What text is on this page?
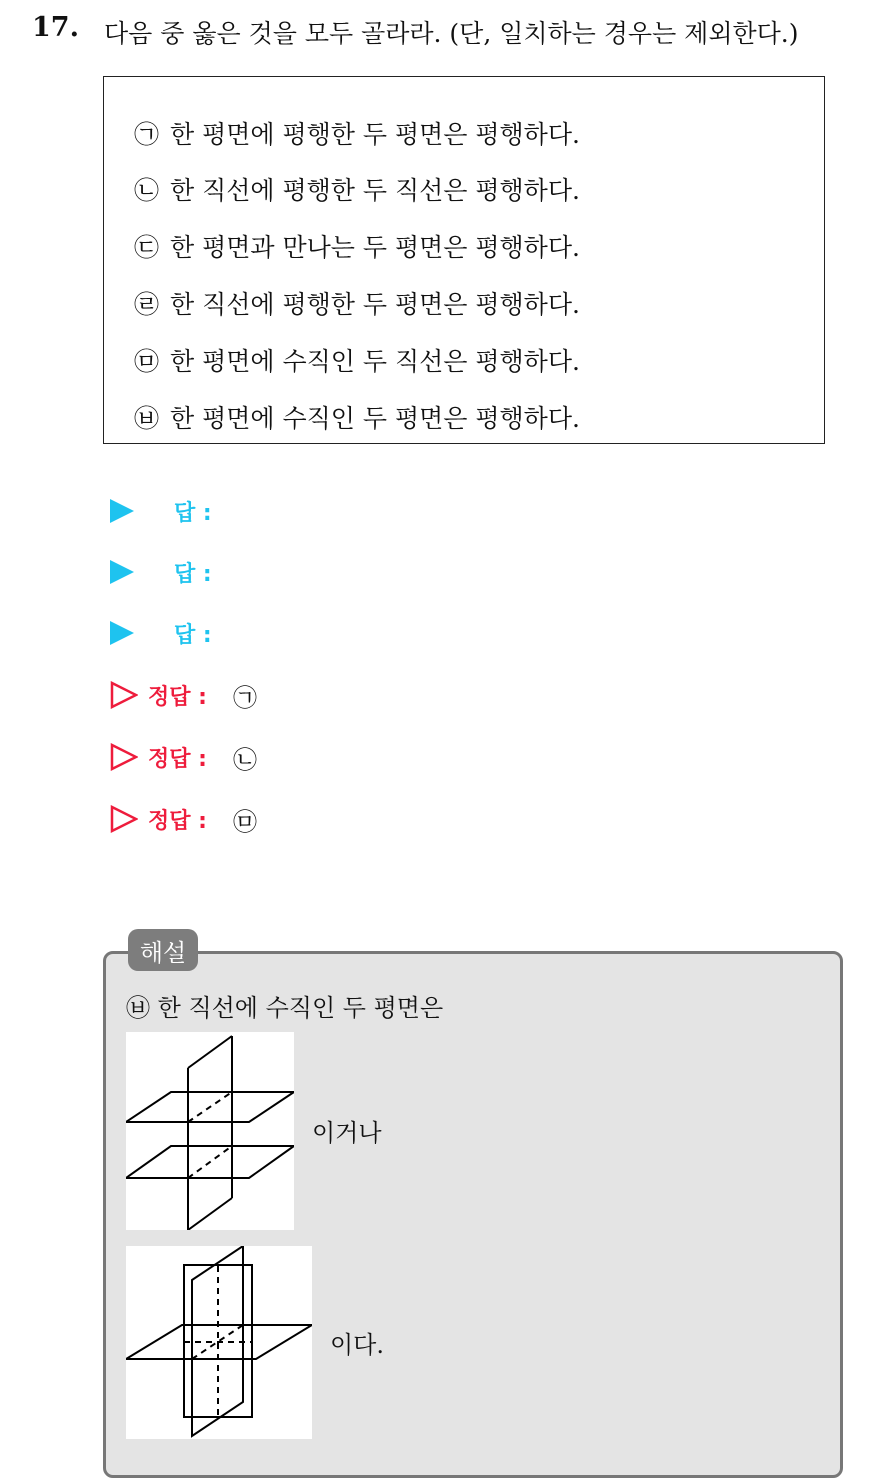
17. 다음 중 옳은 것을 모두 골라라. (단, 일치하는 경우는 제외한다.)
㉠ 한 평면에 평행한 두 평면은 평행하다.
㉡ 한 직선에 평행한 두 직선은 평행하다.
㉢ 한 평면과 만나는 두 평면은 평행하다.
㉣ 한 직선에 평행한 두 평면은 평행하다.
㉤ 한 평면에 수직인 두 직선은 평행하다.
㉥ 한 평면에 수직인 두 평면은 평행하다.
답 :
답 :
답 :
정답 : ㉠
정답 : ㉡
정답 : ㉤
해설
㉥ 한 직선에 수직인 두 평면은
이거나
이다.
